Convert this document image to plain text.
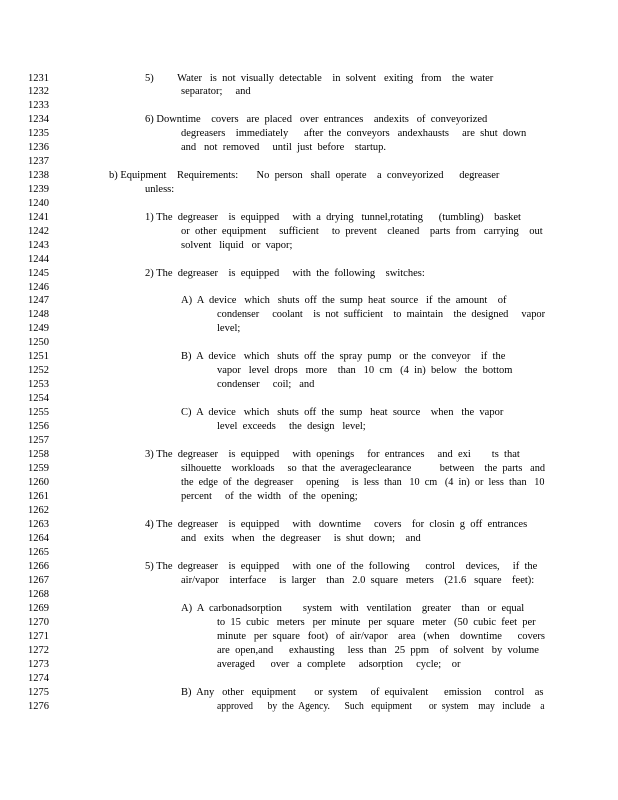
1231
1232
1233
1234
1235
1236
1237
1238
1239
1240
1241
1242
1243
1244
1245
1246
1247
1248
1249
1250
1251
1252
1253
1254
1255
1256
1257
1258
1259
1260
1261
1262
1263
1264
1265
1266
1267
1268
1269
1270
1271
1272
1273
1274
1275
1276
5)         Water   is  not  visually  detectable    in  solvent   exiting   from    the  water
separator;     and
6) Downtime    covers   are  placed   over  entrances    andexits   of  conveyorized
degreasers    immediately      after  the  conveyors   andexhausts     are  shut  down
and   not  removed     until  just  before    startup.
b) Equipment    Requirements:       No  person   shall  operate    a  conveyorized      degreaser
unless:
1) The  degreaser    is  equipped     with  a  drying   tunnel,rotating      (tumbling)    basket
or  other  equipment     sufficient     to  prevent    cleaned    parts  from   carrying    out
solvent   liquid   or  vapor;
2) The  degreaser    is  equipped     with  the  following    switches:
A)  A  device   which   shuts  off  the  sump  heat  source   if  the  amount    of
condenser     coolant    is  not  sufficient    to  maintain    the  designed     vapor
level;
B)  A  device   which   shuts  off  the  spray  pump   or  the  conveyor    if  the
vapor   level  drops   more    than   10  cm   (4  in)  below   the  bottom
condenser     coil;   and
C)  A  device   which   shuts  off  the  sump   heat  source    when   the  vapor
level  exceeds     the  design   level;
3) The  degreaser    is  equipped     with  openings     for  entrances     and  exi        ts  that
silhouette    workloads     so  that  the  averageclearance           between    the  parts   and
the  edge  of  the  degreaser     opening     is  less  than   10  cm   (4  in)  or  less  than   10
percent     of  the  width   of  the  opening;
4) The  degreaser    is  equipped     with   downtime     covers    for  closin  g  off  entrances
and   exits   when   the  degreaser     is  shut  down;    and
5) The  degreaser    is  equipped     with  one  of  the  following      control    devices,     if  the
air/vapor    interface     is  larger    than   2.0  square   meters    (21.6   square    feet):
A)  A  carbonadsorption        system   with   ventilation    greater    than   or  equal
to  15  cubic   meters   per  minute   per  square   meter   (50  cubic  feet  per
minute   per  square   foot)   of  air/vapor    area   (when    downtime      covers
are  open,and      exhausting     less  than   25  ppm    of  solvent   by  volume
averaged      over   a  complete     adsorption     cycle;    or
B)  Any   other   equipment       or  system     of  equivalent      emission     control    as
approved      by  the  Agency.      Such   equipment       or  system    may   include    a
